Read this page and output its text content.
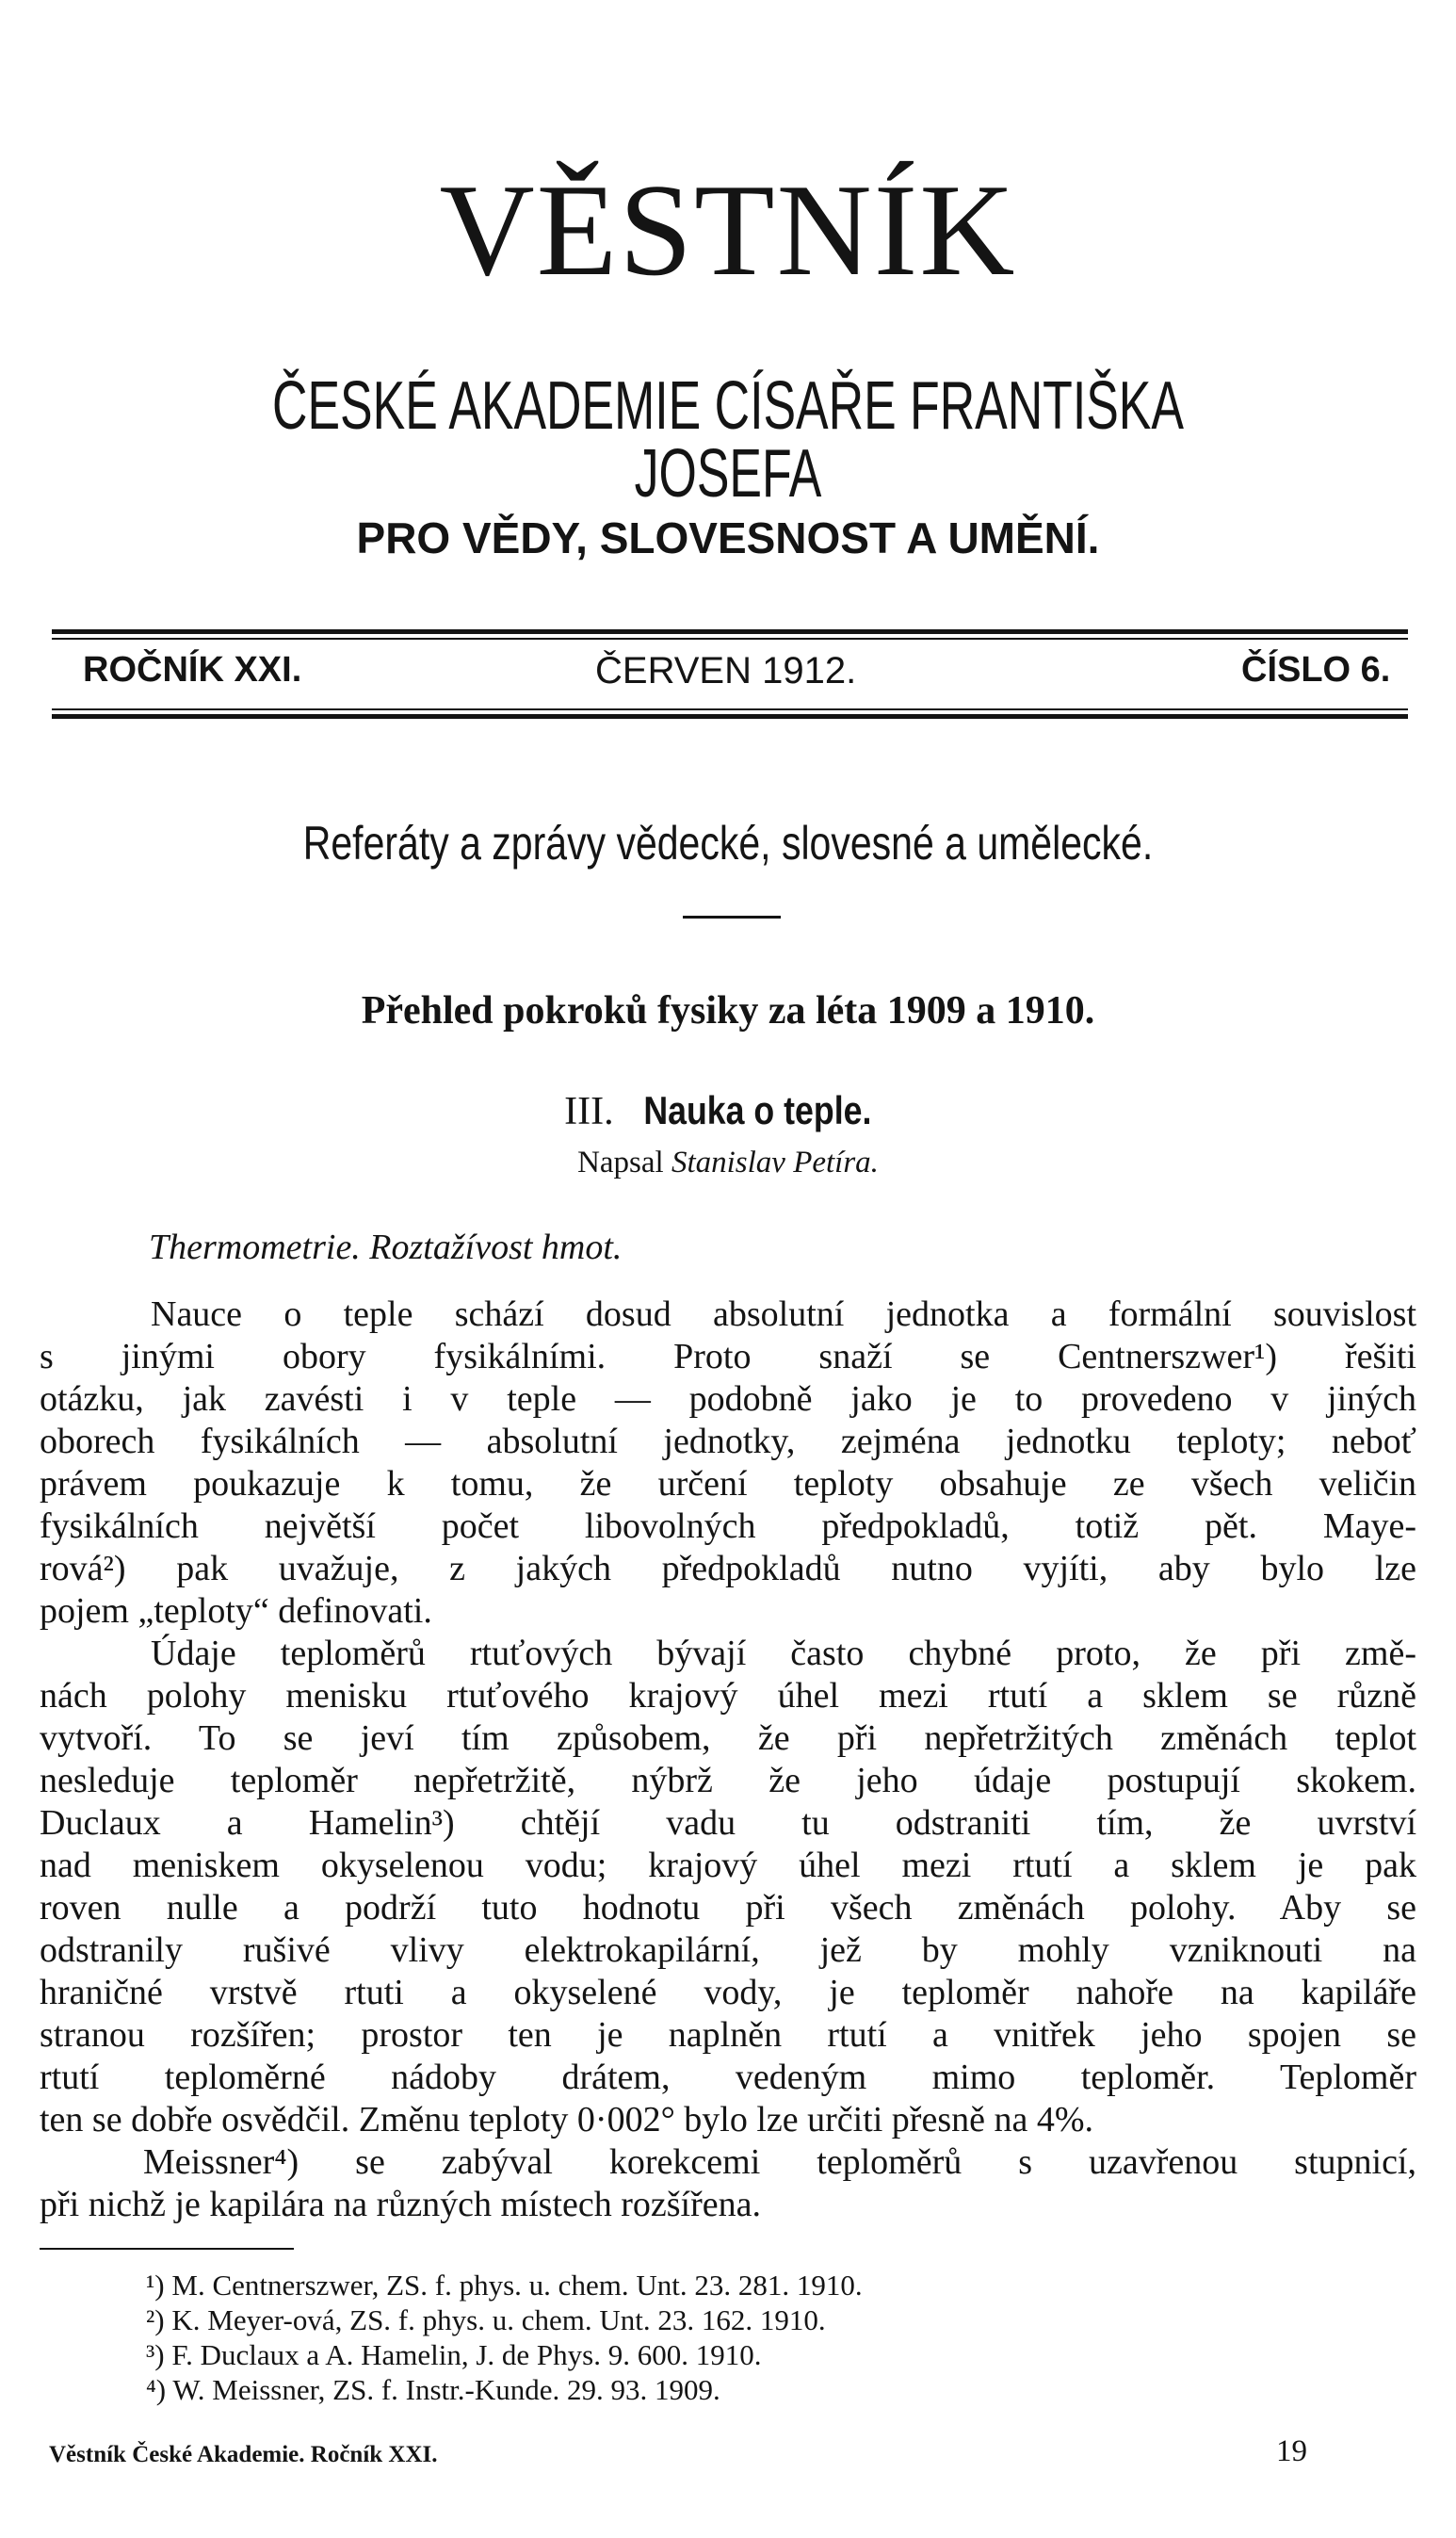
VĚSTNÍK
ČESKÉ AKADEMIE CÍSAŘE FRANTIŠKA JOSEFA
PRO VĚDY, SLOVESNOST A UMĚNÍ.
ROČNÍK XXI.	ČERVEN 1912.	ČÍSLO 6.
Referáty a zprávy vědecké, slovesné a umělecké.
Přehled pokroků fysiky za léta 1909 a 1910.
III. Nauka o teple.
Napsal Stanislav Petíra.
Thermometrie. Roztažívost hmot.
Nauce o teple schází dosud absolutní jednotka a formální souvislost
s jinými obory fysikálními. Proto snaží se Centnerszwer¹) řešiti
otázku, jak zavésti i v teple — podobně jako je to provedeno v jiných
oborech fysikálních — absolutní jednotky, zejména jednotku teploty; neboť
právem poukazuje k tomu, že určení teploty obsahuje ze všech veličin
fysikálních největší počet libovolných předpokladů, totiž pět. Maye-
rová²) pak uvažuje, z jakých předpokladů nutno vyjíti, aby bylo lze
pojem „teploty“ definovati.
Údaje teploměrů rtuťových bývají často chybné proto, že při změ-
nách polohy menisku rtuťového krajový úhel mezi rtutí a sklem se různě
vytvoří. To se jeví tím způsobem, že při nepřetržitých změnách teplot
nesleduje teploměr nepřetržitě, nýbrž že jeho údaje postupují skokem.
Duclaux a Hamelin³) chtějí vadu tu odstraniti tím, že uvrství
nad meniskem okyselenou vodu; krajový úhel mezi rtutí a sklem je pak
roven nulle a podrží tuto hodnotu při všech změnách polohy. Aby se
odstranily rušivé vlivy elektrokapilární, jež by mohly vzniknouti na
hraničné vrstvě rtuti a okyselené vody, je teploměr nahoře na kapiláře
stranou rozšířen; prostor ten je naplněn rtutí a vnitřek jeho spojen se
rtutí teploměrné nádoby drátem, vedeným mimo teploměr. Teploměr
ten se dobře osvědčil. Změnu teploty 0·002° bylo lze určiti přesně na 4%.
Meissner⁴) se zabýval korekcemi teploměrů s uzavřenou stupnicí,
při nichž je kapilára na různých místech rozšířena.
¹) M. Centnerszwer, ZS. f. phys. u. chem. Unt. 23. 281. 1910.
²) K. Meyer-ová, ZS. f. phys. u. chem. Unt. 23. 162. 1910.
³) F. Duclaux a A. Hamelin, J. de Phys. 9. 600. 1910.
⁴) W. Meissner, ZS. f. Instr.-Kunde. 29. 93. 1909.
Věstník České Akademie. Ročník XXI.	19
